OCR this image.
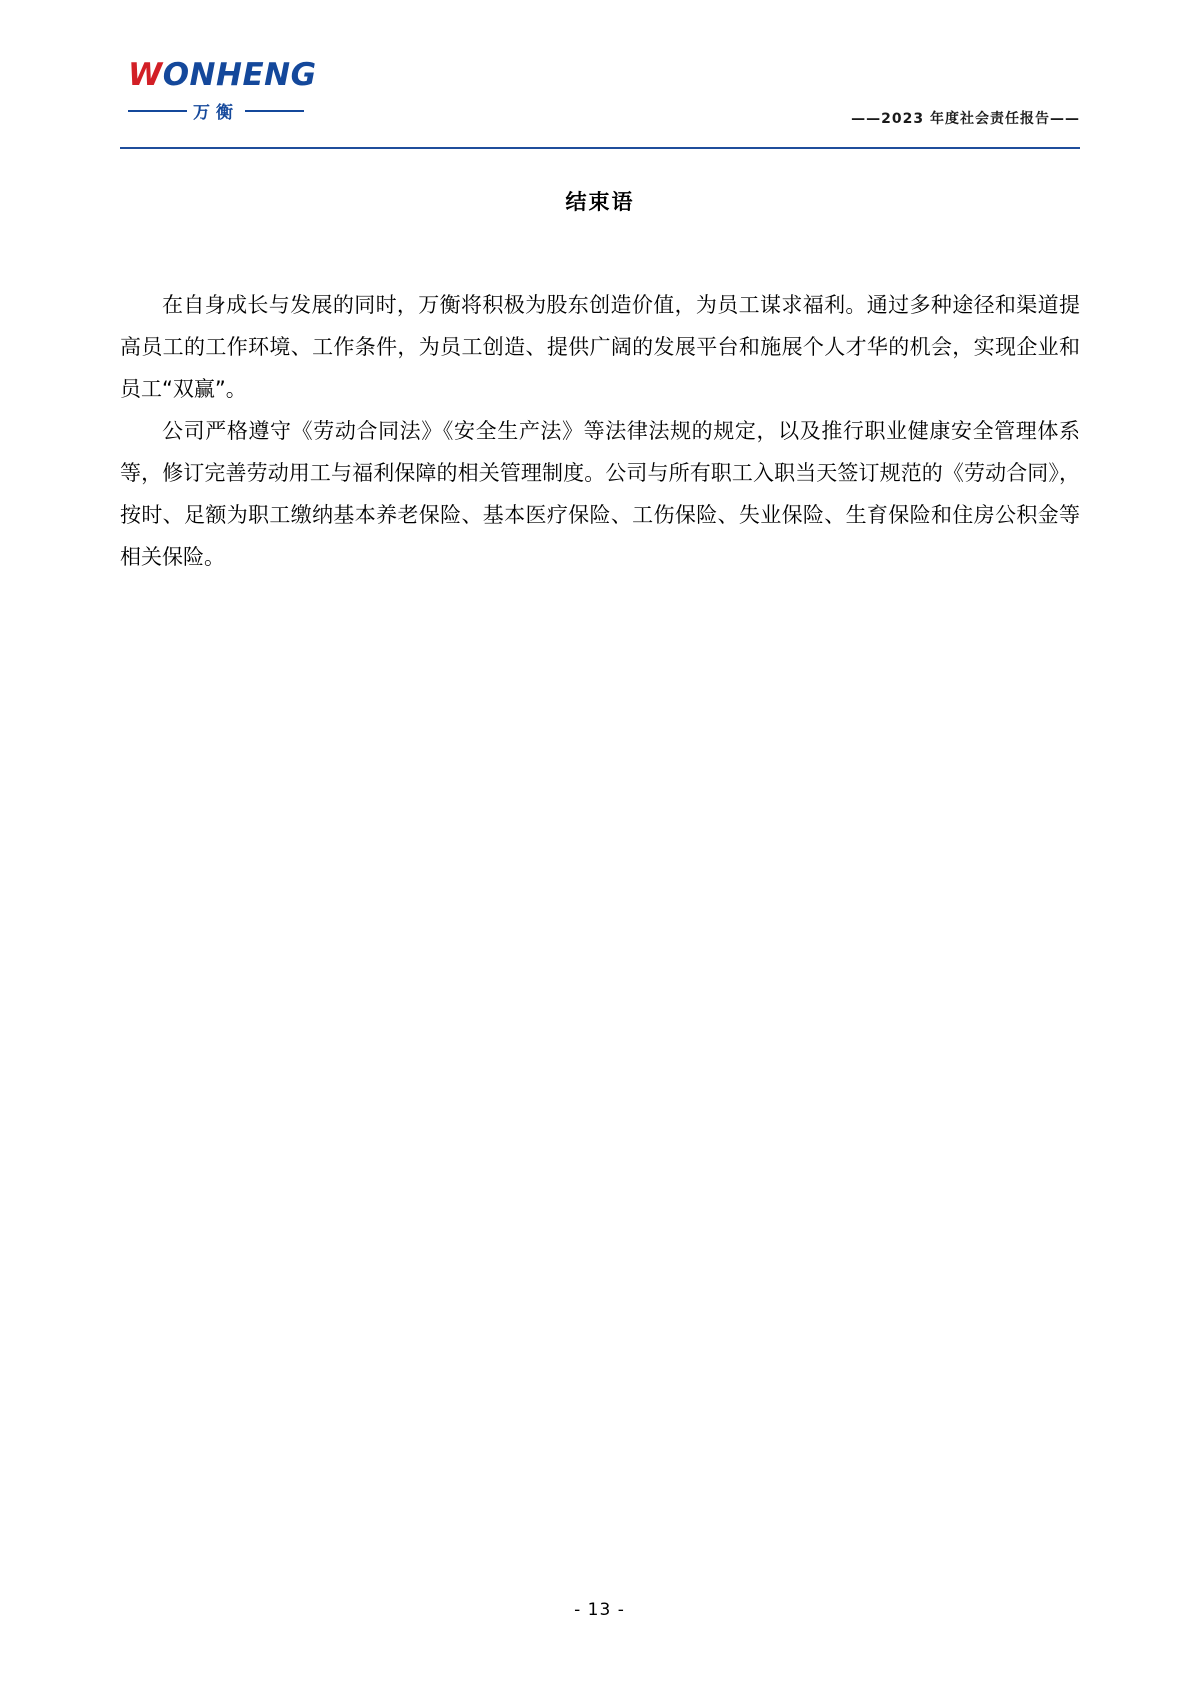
WONHENG
万衡	——2023 年度社会责任报告——
结束语

在自身成长与发展的同时，万衡将积极为股东创造价值，为员工谋求福利。通过多种途径和渠道提高员工的工作环境、工作条件，为员工创造、提供广阔的发展平台和施展个人才华的机会，实现企业和员工“双赢”。

公司严格遵守《劳动合同法》《安全生产法》等法律法规的规定，以及推行职业健康安全管理体系等，修订完善劳动用工与福利保障的相关管理制度。公司与所有职工入职当天签订规范的《劳动合同》，按时、足额为职工缴纳基本养老保险、基本医疗保险、工伤保险、失业保险、生育保险和住房公积金等相关保险。

- 13 -
